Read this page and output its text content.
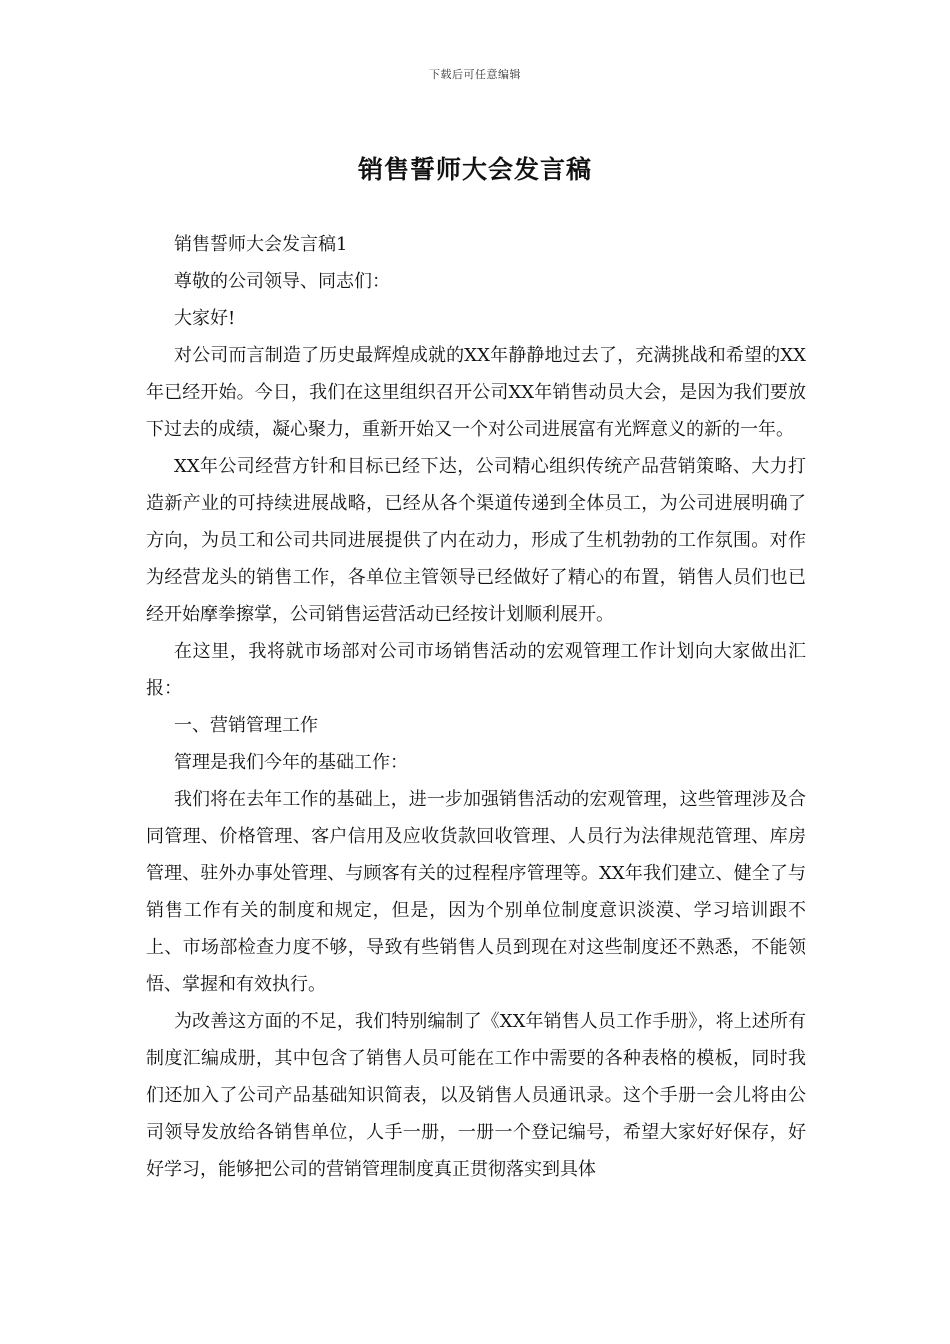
下载后可任意编辑
销售誓师大会发言稿

销售誓师大会发言稿1

尊敬的公司领导、同志们：

大家好!

对公司而言制造了历史最辉煌成就的XX年静静地过去了，充满挑战和希望的XX年已经开始。今日，我们在这里组织召开公司XX年销售动员大会，是因为我们要放下过去的成绩，凝心聚力，重新开始又一个对公司进展富有光辉意义的新的一年。

XX年公司经营方针和目标已经下达，公司精心组织传统产品营销策略、大力打造新产业的可持续进展战略，已经从各个渠道传递到全体员工，为公司进展明确了方向，为员工和公司共同进展提供了内在动力，形成了生机勃勃的工作氛围。对作为经营龙头的销售工作，各单位主管领导已经做好了精心的布置，销售人员们也已经开始摩拳擦掌，公司销售运营活动已经按计划顺利展开。

在这里，我将就市场部对公司市场销售活动的宏观管理工作计划向大家做出汇报：

一、营销管理工作

管理是我们今年的基础工作：

我们将在去年工作的基础上，进一步加强销售活动的宏观管理，这些管理涉及合同管理、价格管理、客户信用及应收货款回收管理、人员行为法律规范管理、库房管理、驻外办事处管理、与顾客有关的过程程序管理等。XX年我们建立、健全了与销售工作有关的制度和规定，但是，因为个别单位制度意识淡漠、学习培训跟不上、市场部检查力度不够，导致有些销售人员到现在对这些制度还不熟悉，不能领悟、掌握和有效执行。

为改善这方面的不足，我们特别编制了《XX年销售人员工作手册》，将上述所有制度汇编成册，其中包含了销售人员可能在工作中需要的各种表格的模板，同时我们还加入了公司产品基础知识简表，以及销售人员通讯录。这个手册一会儿将由公司领导发放给各销售单位，人手一册，一册一个登记编号，希望大家好好保存，好好学习，能够把公司的营销管理制度真正贯彻落实到具体
